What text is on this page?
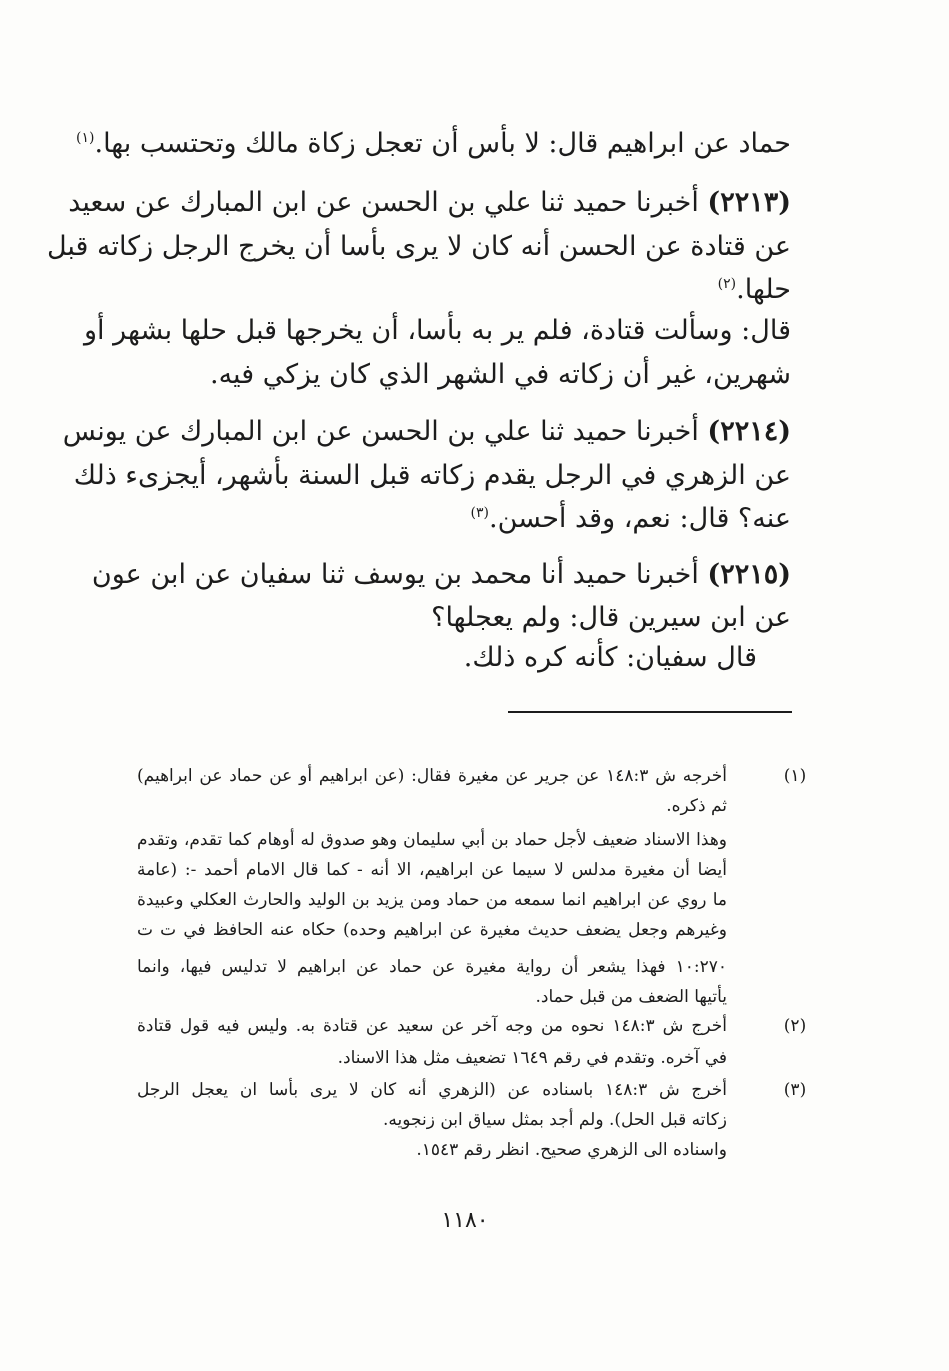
حماد عن ابراهيم قال: لا بأس أن تعجل زكاة مالك وتحتسب بها.$^{(١)}$
(٢٢١٣) أخبرنا حميد ثنا علي بن الحسن عن ابن المبارك عن سعيد
عن قتادة عن الحسن أنه كان لا يرى بأسا أن يخرج الرجل زكاته قبل
حلها.$^{(٢)}$
قال: وسألت قتادة، فلم ير به بأسا، أن يخرجها قبل حلها بشهر أو
شهرين، غير أن زكاته في الشهر الذي كان يزكي فيه.
(٢٢١٤) أخبرنا حميد ثنا علي بن الحسن عن ابن المبارك عن يونس
عن الزهري في الرجل يقدم زكاته قبل السنة بأشهر، أيجزىء ذلك
عنه؟ قال: نعم، وقد أحسن.$^{(٣)}$
(٢٢١٥) أخبرنا حميد أنا محمد بن يوسف ثنا سفيان عن ابن عون
عن ابن سيرين قال: ولم يعجلها؟
قال سفيان: كأنه كره ذلك.
(١)
أخرجه ش ١٤٨:٣ عن جرير عن مغيرة فقال: (عن ابراهيم أو عن حماد عن ابراهيم)
ثم ذكره.
وهذا الاسناد ضعيف لأجل حماد بن أبي سليمان وهو صدوق له أوهام كما تقدم، وتقدم
أيضا أن مغيرة مدلس لا سيما عن ابراهيم، الا أنه - كما قال الامام أحمد -: (عامة
ما روي عن ابراهيم انما سمعه من حماد ومن يزيد بن الوليد والحارث العكلي وعبيدة
وغيرهم وجعل يضعف حديث مغيرة عن ابراهيم وحده) حكاه عنه الحافظ في ت ت
١٠:٢٧٠ فهذا يشعر أن رواية مغيرة عن حماد عن ابراهيم لا تدليس فيها، وانما
يأتيها الضعف من قبل حماد.
(٢)
أخرج ش ١٤٨:٣ نحوه من وجه آخر عن سعيد عن قتادة به. وليس فيه قول قتادة
في آخره. وتقدم في رقم ١٦٤٩ تضعيف مثل هذا الاسناد.
(٣)
أخرج ش ١٤٨:٣ باسناده عن (الزهري أنه كان لا يرى بأسا ان يعجل الرجل
زكاته قبل الحل). ولم أجد بمثل سياق ابن زنجويه.
واسناده الى الزهري صحيح. انظر رقم ١٥٤٣.
١١٨٠
